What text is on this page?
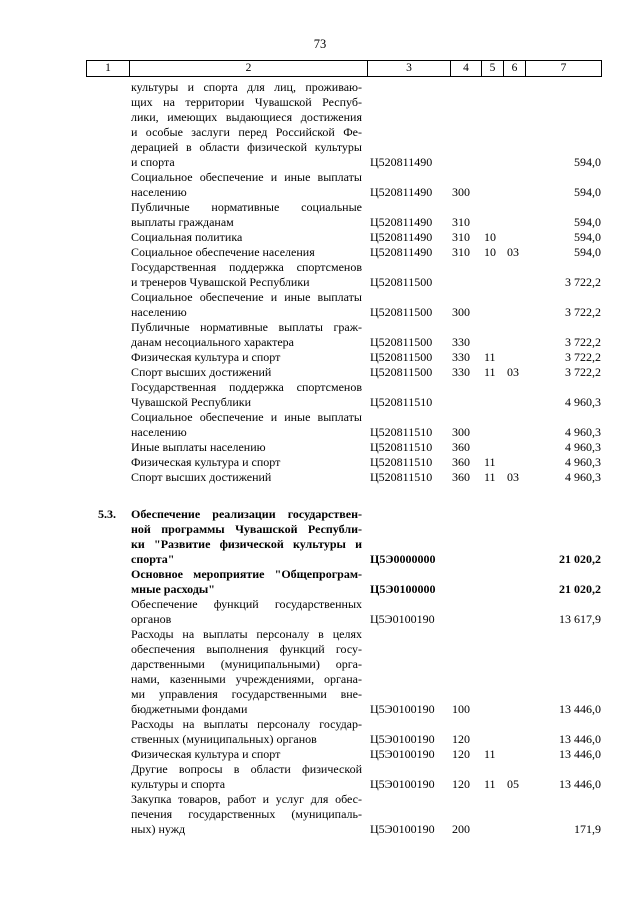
73
1	2	3	4	5	6	7
культуры и спорта для лиц, проживаю-
щих на территории Чувашской Респуб-
лики, имеющих выдающиеся достижения
и особые заслуги перед Российской Фе-
дерацией в области физической культуры
и спорта	Ц520811490	594,0
Социальное обеспечение и иные выплаты
населению	Ц520811490 300	594,0
Публичные нормативные социальные
выплаты гражданам	Ц520811490 310	594,0
Социальная политика	Ц520811490 310 10	594,0
Социальное обеспечение населения	Ц520811490 310 10 03	594,0
Государственная поддержка спортсменов
и тренеров Чувашской Республики	Ц520811500	3 722,2
Социальное обеспечение и иные выплаты
населению	Ц520811500 300	3 722,2
Публичные нормативные выплаты граж-
данам несоциального характера	Ц520811500 330	3 722,2
Физическая культура и спорт	Ц520811500 330 11	3 722,2
Спорт высших достижений	Ц520811500 330 11 03	3 722,2
Государственная поддержка спортсменов
Чувашской Республики	Ц520811510	4 960,3
Социальное обеспечение и иные выплаты
населению	Ц520811510 300	4 960,3
Иные выплаты населению	Ц520811510 360	4 960,3
Физическая культура и спорт	Ц520811510 360 11	4 960,3
Спорт высших достижений	Ц520811510 360 11 03	4 960,3
5.3.	Обеспечение реализации государствен-
ной программы Чувашской Республи-
ки "Развитие физической культуры и
спорта"	Ц5Э0000000	21 020,2
Основное мероприятие "Общепрограм-
мные расходы"	Ц5Э0100000	21 020,2
Обеспечение функций государственных
органов	Ц5Э0100190	13 617,9
Расходы на выплаты персоналу в целях
обеспечения выполнения функций госу-
дарственными (муниципальными) орга-
нами, казенными учреждениями, органа-
ми управления государственными вне-
бюджетными фондами	Ц5Э0100190 100	13 446,0
Расходы на выплаты персоналу государ-
ственных (муниципальных) органов	Ц5Э0100190 120	13 446,0
Физическая культура и спорт	Ц5Э0100190 120 11	13 446,0
Другие вопросы в области физической
культуры и спорта	Ц5Э0100190 120 11 05	13 446,0
Закупка товаров, работ и услуг для обес-
печения государственных (муниципаль-
ных) нужд	Ц5Э0100190 200	171,9
